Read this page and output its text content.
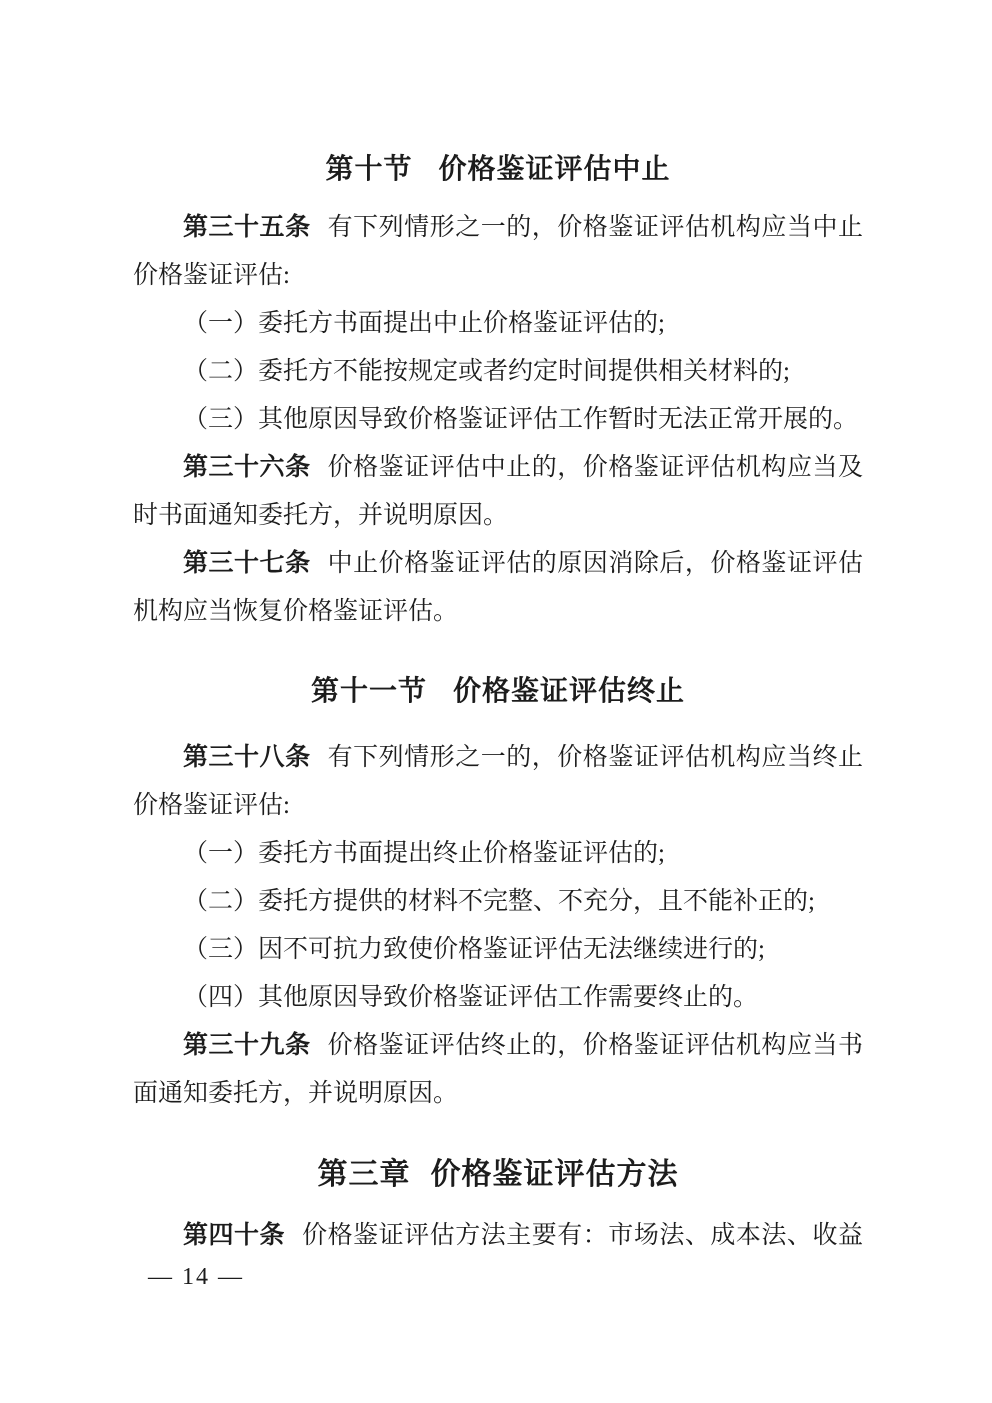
第十节 价格鉴证评估中止
第三十五条 有下列情形之一的，价格鉴证评估机构应当中止
价格鉴证评估:
（一）委托方书面提出中止价格鉴证评估的;
（二）委托方不能按规定或者约定时间提供相关材料的;
（三）其他原因导致价格鉴证评估工作暂时无法正常开展的。
第三十六条 价格鉴证评估中止的，价格鉴证评估机构应当及
时书面通知委托方，并说明原因。
第三十七条 中止价格鉴证评估的原因消除后，价格鉴证评估
机构应当恢复价格鉴证评估。
第十一节 价格鉴证评估终止
第三十八条 有下列情形之一的，价格鉴证评估机构应当终止
价格鉴证评估:
（一）委托方书面提出终止价格鉴证评估的;
（二）委托方提供的材料不完整、不充分，且不能补正的;
（三）因不可抗力致使价格鉴证评估无法继续进行的;
（四）其他原因导致价格鉴证评估工作需要终止的。
第三十九条 价格鉴证评估终止的，价格鉴证评估机构应当书
面通知委托方，并说明原因。
第三章 价格鉴证评估方法
第四十条 价格鉴证评估方法主要有：市场法、成本法、收益
— 14 —
